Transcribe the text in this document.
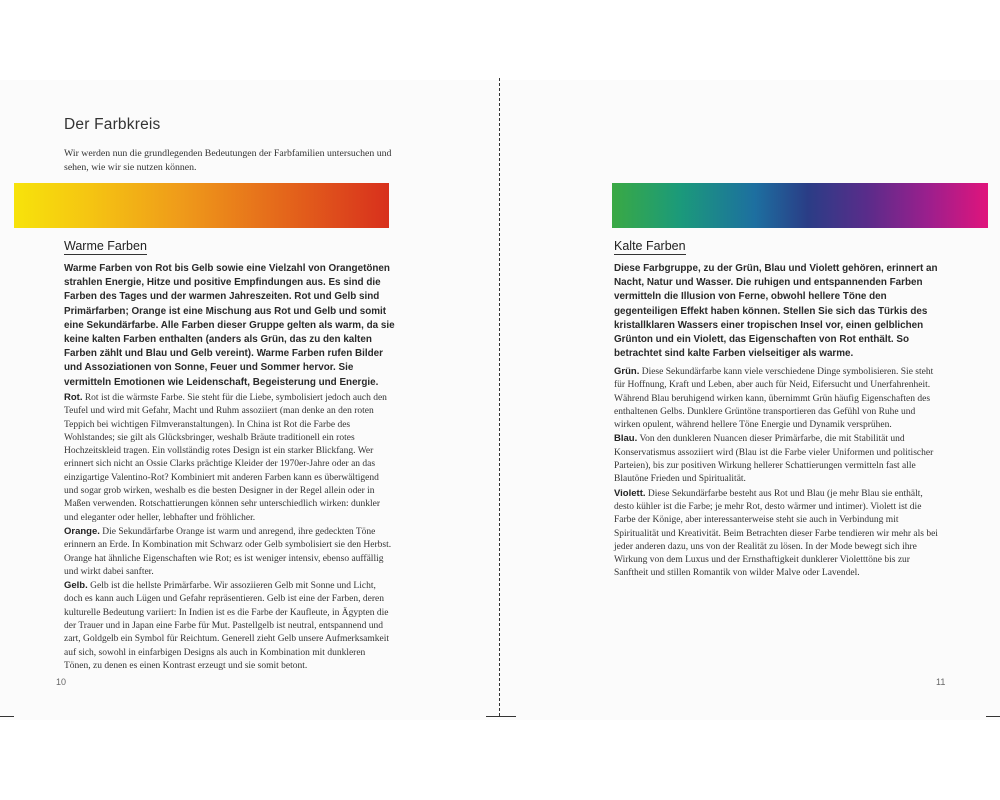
Der Farbkreis
Wir werden nun die grundlegenden Bedeutungen der Farbfamilien untersuchen und sehen, wie wir sie nutzen können.
Warme Farben
Warme Farben von Rot bis Gelb sowie eine Vielzahl von Orangetönen strahlen Energie, Hitze und positive Empfindungen aus. Es sind die Farben des Tages und der warmen Jahreszeiten. Rot und Gelb sind Primärfarben; Orange ist eine Mischung aus Rot und Gelb und somit eine Sekundärfarbe. Alle Farben dieser Gruppe gelten als warm, da sie keine kalten Farben enthalten (anders als Grün, das zu den kalten Farben zählt und Blau und Gelb vereint). Warme Farben rufen Bilder und Assoziationen von Sonne, Feuer und Sommer hervor. Sie vermitteln Emotionen wie Leidenschaft, Begeisterung und Energie.

Rot. Rot ist die wärmste Farbe. Sie steht für die Liebe, symbolisiert jedoch auch den Teufel und wird mit Gefahr, Macht und Ruhm assoziiert (man denke an den roten Teppich bei wichtigen Filmveranstaltungen). In China ist Rot die Farbe des Wohlstandes; sie gilt als Glücksbringer, weshalb Bräute traditionell ein rotes Hochzeitskleid tragen. Ein vollständig rotes Design ist ein starker Blickfang. Wer erinnert sich nicht an Ossie Clarks prächtige Kleider der 1970er-Jahre oder an das einzigartige Valentino-Rot? Kombiniert mit anderen Farben kann es überwältigend und sogar grob wirken, weshalb es die besten Designer in der Regel allein oder in Maßen verwenden. Rotschattierungen können sehr unterschiedlich wirken: dunkler und eleganter oder heller, lebhafter und fröhlicher.

Orange. Die Sekundärfarbe Orange ist warm und anregend, ihre gedeckten Töne erinnern an Erde. In Kombination mit Schwarz oder Gelb symbolisiert sie den Herbst. Orange hat ähnliche Eigenschaften wie Rot; es ist weniger intensiv, ebenso auffällig und wirkt dabei sanfter.

Gelb. Gelb ist die hellste Primärfarbe. Wir assoziieren Gelb mit Sonne und Licht, doch es kann auch Lügen und Gefahr repräsentieren. Gelb ist eine der Farben, deren kulturelle Bedeutung variiert: In Indien ist es die Farbe der Kaufleute, in Ägypten die der Trauer und in Japan eine Farbe für Mut. Pastellgelb ist neutral, entspannend und zart, Goldgelb ein Symbol für Reichtum. Generell zieht Gelb unsere Aufmerksamkeit auf sich, sowohl in einfarbigen Designs als auch in Kombination mit dunkleren Tönen, zu denen es einen Kontrast erzeugt und sie somit betont.

10
Kalte Farben
Diese Farbgruppe, zu der Grün, Blau und Violett gehören, erinnert an Nacht, Natur und Wasser. Die ruhigen und entspannenden Farben vermitteln die Illusion von Ferne, obwohl hellere Töne den gegenteiligen Effekt haben können. Stellen Sie sich das Türkis des kristallklaren Wassers einer tropischen Insel vor, einen gelblichen Grünton und ein Violett, das Eigenschaften von Rot enthält. So betrachtet sind kalte Farben vielseitiger als warme.

Grün. Diese Sekundärfarbe kann viele verschiedene Dinge symbolisieren. Sie steht für Hoffnung, Kraft und Leben, aber auch für Neid, Eifersucht und Unerfahrenheit. Während Blau beruhigend wirken kann, übernimmt Grün häufig Eigenschaften des enthaltenen Gelbs. Dunklere Grüntöne transportieren das Gefühl von Ruhe und wirken opulent, während hellere Töne Energie und Dynamik versprühen.

Blau. Von den dunkleren Nuancen dieser Primärfarbe, die mit Stabilität und Konservatismus assoziiert wird (Blau ist die Farbe vieler Uniformen und politischer Parteien), bis zur positiven Wirkung hellerer Schattierungen vermitteln fast alle Blautöne Frieden und Spiritualität.

Violett. Diese Sekundärfarbe besteht aus Rot und Blau (je mehr Blau sie enthält, desto kühler ist die Farbe; je mehr Rot, desto wärmer und intimer). Violett ist die Farbe der Könige, aber interessanterweise steht sie auch in Verbindung mit Spiritualität und Kreativität. Beim Betrachten dieser Farbe tendieren wir mehr als bei jeder anderen dazu, uns von der Realität zu lösen. In der Mode bewegt sich ihre Wirkung von dem Luxus und der Ernsthaftigkeit dunklerer Violetttöne bis zur Sanftheit und stillen Romantik von wilder Malve oder Lavendel.

11
